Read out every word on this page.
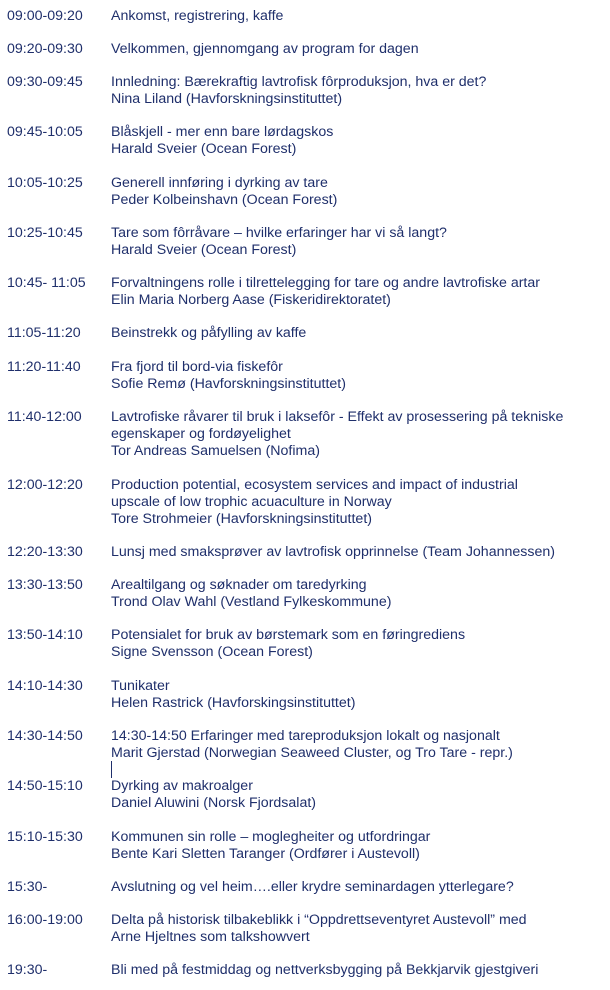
09:00-09:20 Ankomst, registrering, kaffe
09:20-09:30 Velkommen, gjennomgang av program for dagen
09:30-09:45 Innledning: Bærekraftig lavtrofisk fôrproduksjon, hva er det?
Nina Liland (Havforskningsinstituttet)
09:45-10:05 Blåskjell - mer enn bare lørdagskos
Harald Sveier (Ocean Forest)
10:05-10:25 Generell innføring i dyrking av tare
Peder Kolbeinshavn (Ocean Forest)
10:25-10:45 Tare som fôrråvare – hvilke erfaringer har vi så langt?
Harald Sveier (Ocean Forest)
10:45- 11:05 Forvaltningens rolle i tilrettelegging for tare og andre lavtrofiske artar
Elin Maria Norberg Aase (Fiskeridirektoratet)
11:05-11:20 Beinstrekk og påfylling av kaffe
11:20-11:40 Fra fjord til bord-via fiskefôr
Sofie Remø (Havforskningsinstituttet)
11:40-12:00 Lavtrofiske råvarer til bruk i laksefôr - Effekt av prosessering på tekniske
egenskaper og fordøyelighet
Tor Andreas Samuelsen (Nofima)
12:00-12:20 Production potential, ecosystem services and impact of industrial
upscale of low trophic acuaculture in Norway
Tore Strohmeier (Havforskningsinstituttet)
12:20-13:30 Lunsj med smaksprøver av lavtrofisk opprinnelse (Team Johannessen)
13:30-13:50 Arealtilgang og søknader om taredyrking
Trond Olav Wahl (Vestland Fylkeskommune)
13:50-14:10 Potensialet for bruk av børstemark som en føringrediens
Signe Svensson (Ocean Forest)
14:10-14:30 Tunikater
Helen Rastrick (Havforskingsinstituttet)
14:30-14:50 14:30-14:50 Erfaringer med tareproduksjon lokalt og nasjonalt
Marit Gjerstad (Norwegian Seaweed Cluster, og Tro Tare - repr.)
14:50-15:10 Dyrking av makroalger
Daniel Aluwini (Norsk Fjordsalat)
15:10-15:30 Kommunen sin rolle – moglegheiter og utfordringar
Bente Kari Sletten Taranger (Ordfører i Austevoll)
15:30-	Avslutning og vel heim….eller krydre seminardagen ytterlegare?
16:00-19:00 Delta på historisk tilbakeblikk i “Oppdrettseventyret Austevoll” med
Arne Hjeltnes som talkshowvert
19:30-	Bli med på festmiddag og nettverksbygging på Bekkjarvik gjestgiveri
